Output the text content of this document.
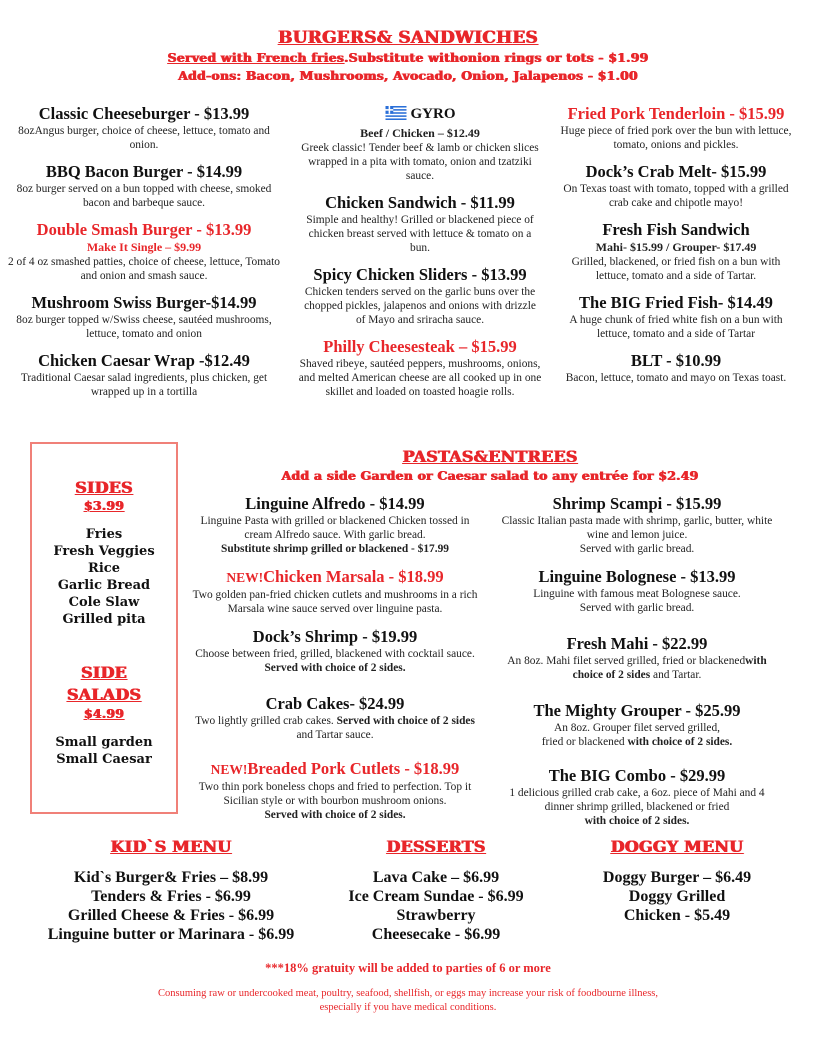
BURGERS& SANDWICHES
Served with French fries.Substitute withonion rings or tots - $1.99
Add-ons: Bacon, Mushrooms, Avocado, Onion, Jalapenos - $1.00
Classic Cheeseburger - $13.99
8ozAngus burger, choice of cheese, lettuce, tomato and onion.
BBQ Bacon Burger - $14.99
8oz burger served on a bun topped with cheese, smoked bacon and barbeque sauce.
Double Smash Burger - $13.99
Make It Single – $9.99
2 of 4 oz smashed patties, choice of cheese, lettuce, Tomato and onion and smash sauce.
Mushroom Swiss Burger-$14.99
8oz burger topped w/Swiss cheese, sautéed mushrooms, lettuce, tomato and onion
Chicken Caesar Wrap -$12.49
Traditional Caesar salad ingredients, plus chicken, get wrapped up in a tortilla
GYRO
Beef / Chicken – $12.49
Greek classic! Tender beef & lamb or chicken slices wrapped in a pita with tomato, onion and tzatziki sauce.
Chicken Sandwich - $11.99
Simple and healthy! Grilled or blackened piece of chicken breast served with lettuce & tomato on a bun.
Spicy Chicken Sliders - $13.99
Chicken tenders served on the garlic buns over the chopped pickles, jalapenos and onions with drizzle of Mayo and sriracha sauce.
Philly Cheesesteak – $15.99
Shaved ribeye, sautéed peppers, mushrooms, onions, and melted American cheese are all cooked up in one skillet and loaded on toasted hoagie rolls.
Fried Pork Tenderloin - $15.99
Huge piece of fried pork over the bun with lettuce, tomato, onions and pickles.
Dock’s Crab Melt- $15.99
On Texas toast with tomato, topped with a grilled crab cake and chipotle mayo!
Fresh Fish Sandwich
Mahi- $15.99 / Grouper- $17.49
Grilled, blackened, or fried fish on a bun with lettuce, tomato and a side of Tartar.
The BIG Fried Fish- $14.49
A huge chunk of fried white fish on a bun with lettuce, tomato and a side of Tartar
BLT - $10.99
Bacon, lettuce, tomato and mayo on Texas toast.
SIDES
$3.99
Fries
Fresh Veggies
Rice
Garlic Bread
Cole Slaw
Grilled pita
SIDE
SALADS
$4.99
Small garden
Small Caesar
PASTAS&ENTREES
Add a side Garden or Caesar salad to any entrée for $2.49
Linguine Alfredo - $14.99
Linguine Pasta with grilled or blackened Chicken tossed in cream Alfredo sauce. With garlic bread.
Substitute shrimp grilled or blackened - $17.99
NEW!Chicken Marsala - $18.99
Two golden pan-fried chicken cutlets and mushrooms in a rich Marsala wine sauce served over linguine pasta.
Dock’s Shrimp - $19.99
Choose between fried, grilled, blackened with cocktail sauce. Served with choice of 2 sides.
Crab Cakes- $24.99
Two lightly grilled crab cakes. Served with choice of 2 sides and Tartar sauce.
NEW!Breaded Pork Cutlets - $18.99
Two thin pork boneless chops and fried to perfection. Top it Sicilian style or with bourbon mushroom onions.
Served with choice of 2 sides.
Shrimp Scampi - $15.99
Classic Italian pasta made with shrimp, garlic, butter, white wine and lemon juice.
Served with garlic bread.
Linguine Bolognese - $13.99
Linguine with famous meat Bolognese sauce.
Served with garlic bread.
Fresh Mahi - $22.99
An 8oz. Mahi filet served grilled, fried or blackenedwith choice of 2 sides and Tartar.
The Mighty Grouper - $25.99
An 8oz. Grouper filet served grilled,
fried or blackened with choice of 2 sides.
The BIG Combo - $29.99
1 delicious grilled crab cake, a 6oz. piece of Mahi and 4 dinner shrimp grilled, blackened or fried
with choice of 2 sides.
KID`S MENU
Kid`s Burger& Fries – $8.99
Tenders & Fries - $6.99
Grilled Cheese & Fries - $6.99
Linguine butter or Marinara - $6.99
DESSERTS
Lava Cake – $6.99
Ice Cream Sundae - $6.99
Strawberry
Cheesecake - $6.99
DOGGY MENU
Doggy Burger – $6.49
Doggy Grilled
Chicken - $5.49
***18% gratuity will be added to parties of 6 or more
Consuming raw or undercooked meat, poultry, seafood, shellfish, or eggs may increase your risk of foodbourne illness,
especially if you have medical conditions.
